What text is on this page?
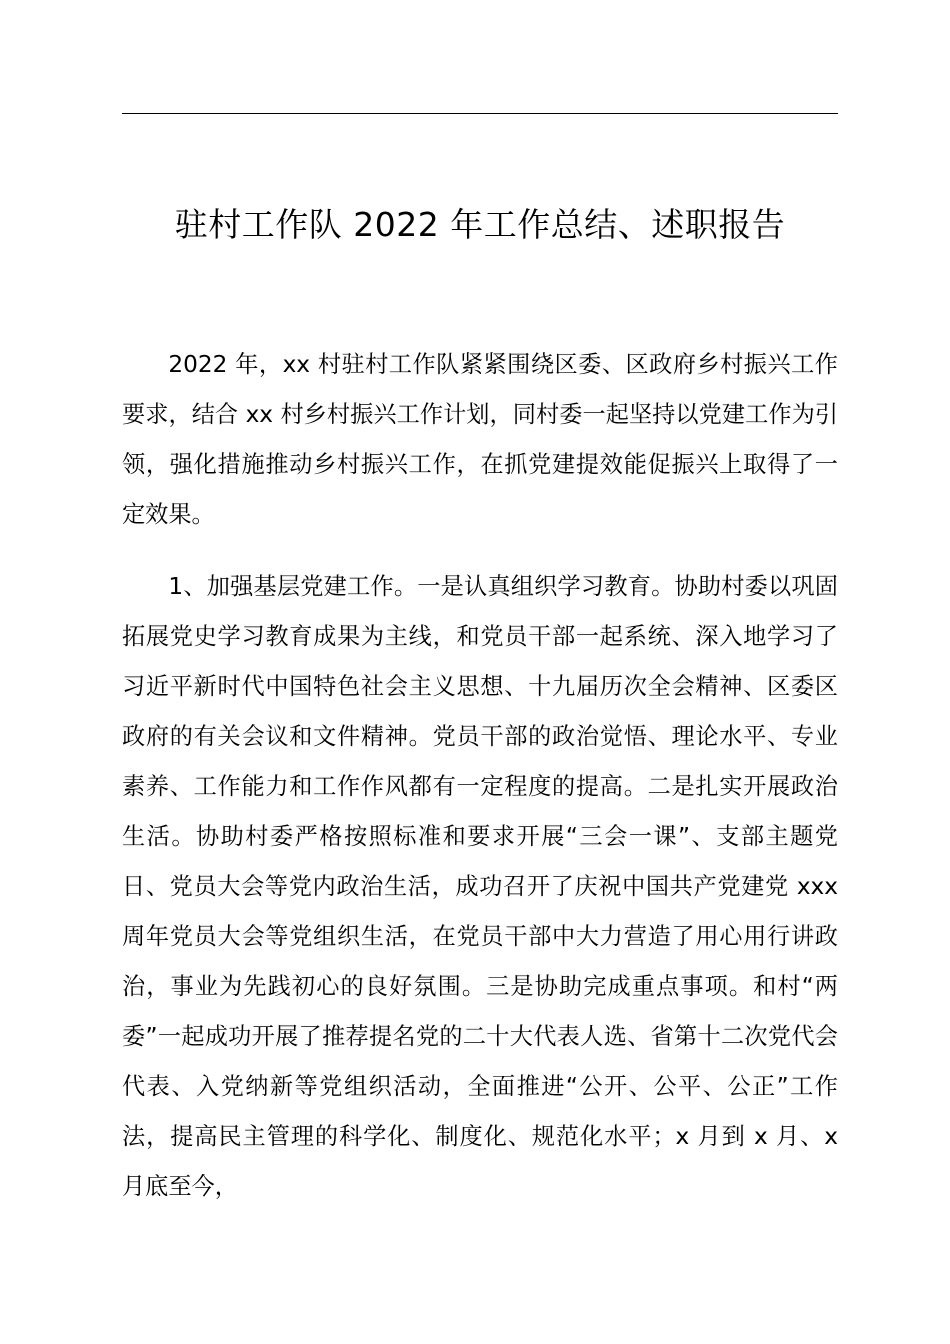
驻村工作队 2022 年工作总结、述职报告

2022 年，xx 村驻村工作队紧紧围绕区委、区政府乡村振兴工作要求，结合 xx 村乡村振兴工作计划，同村委一起坚持以党建工作为引领，强化措施推动乡村振兴工作，在抓党建提效能促振兴上取得了一定效果。

1、加强基层党建工作。一是认真组织学习教育。协助村委以巩固拓展党史学习教育成果为主线，和党员干部一起系统、深入地学习了习近平新时代中国特色社会主义思想、十九届历次全会精神、区委区政府的有关会议和文件精神。党员干部的政治觉悟、理论水平、专业素养、工作能力和工作作风都有一定程度的提高。二是扎实开展政治生活。协助村委严格按照标准和要求开展“三会一课”、支部主题党日、党员大会等党内政治生活，成功召开了庆祝中国共产党建党 xxx 周年党员大会等党组织生活，在党员干部中大力营造了用心用行讲政治，事业为先践初心的良好氛围。三是协助完成重点事项。和村“两委”一起成功开展了推荐提名党的二十大代表人选、省第十二次党代会代表、入党纳新等党组织活动，全面推进“公开、公平、公正”工作法，提高民主管理的科学化、制度化、规范化水平；x 月到 x 月、x 月底至今，
